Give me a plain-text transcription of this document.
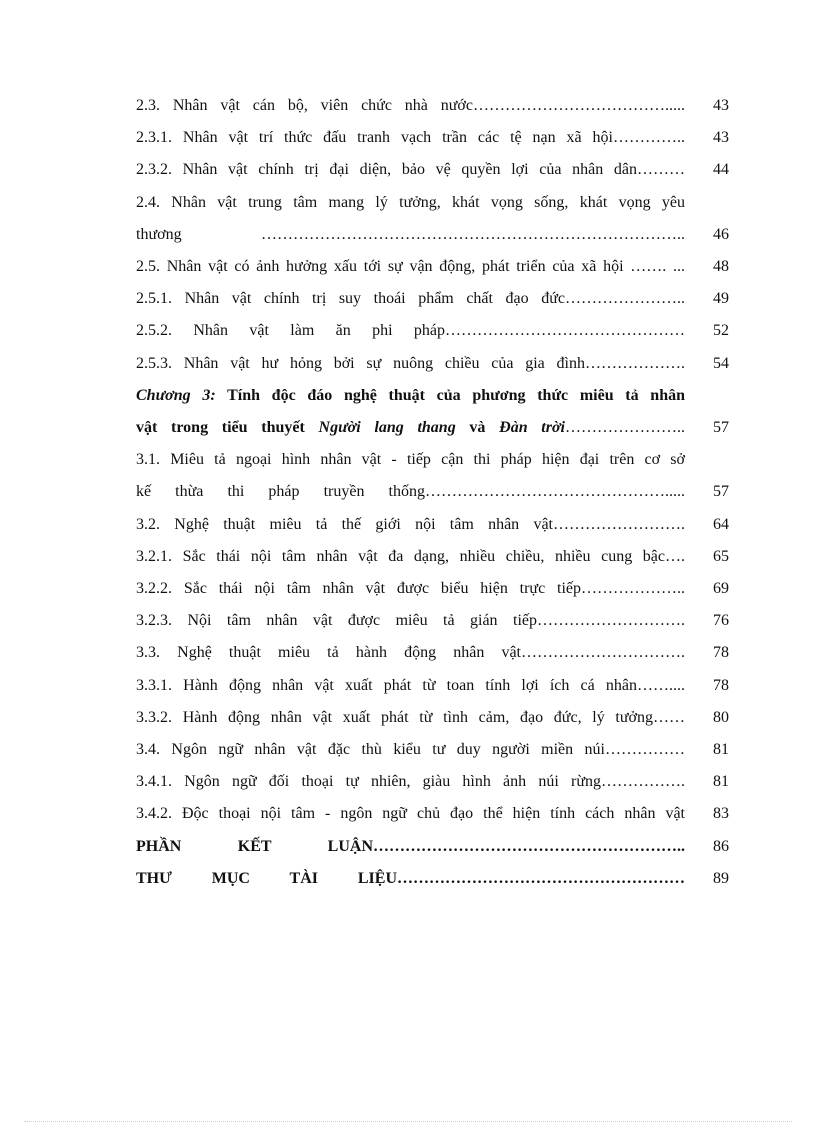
2.3. Nhân vật cán bộ, viên chức nhà nước……………………………….....	43
2.3.1. Nhân vật trí thức đấu tranh vạch trần các tệ nạn xã hội…………..	43
2.3.2. Nhân vật chính trị đại diện, bảo vệ quyền lợi của nhân dân………	44
2.4. Nhân vật trung tâm mang lý tưởng, khát vọng sống, khát vọng yêu
thương ……………………………………………………………………..	46
2.5. Nhân vật có ảnh hưởng xấu tới sự vận động, phát triển của xã hội ……. ...	48
2.5.1. Nhân vật chính trị suy thoái phẩm chất đạo đức…………………..	49
2.5.2. Nhân vật làm ăn phi pháp………………………………………	52
2.5.3. Nhân vật hư hỏng bởi sự nuông chiều của gia đình……………….	54
Chương 3: Tính độc đáo nghệ thuật của phương thức miêu tả nhân
vật trong tiểu thuyết Người lang thang và Đàn trời…………………..	57
3.1. Miêu tả ngoại hình nhân vật - tiếp cận thi pháp hiện đại trên cơ sở
kế thừa thi pháp truyền thống……………………………………….....	57
3.2. Nghệ thuật miêu tả thế giới nội tâm nhân vật…………………….	64
3.2.1. Sắc thái nội tâm nhân vật đa dạng, nhiều chiều, nhiều cung bậc….	65
3.2.2. Sắc thái nội tâm nhân vật được biểu hiện trực tiếp………………..	69
3.2.3. Nội tâm nhân vật được miêu tả gián tiếp……………………….	76
3.3. Nghệ thuật miêu tả hành động nhân vật………………………….	78
3.3.1. Hành động nhân vật xuất phát từ toan tính lợi ích cá nhân……....	78
3.3.2. Hành động nhân vật xuất phát từ tình cảm, đạo đức, lý tưởng……	80
3.4. Ngôn ngữ nhân vật đặc thù kiểu tư duy người miền núi……………	81
3.4.1. Ngôn ngữ đối thoại tự nhiên, giàu hình ảnh núi rừng…………….	81
3.4.2. Độc thoại nội tâm - ngôn ngữ chủ đạo thể hiện tính cách nhân vật	83
PHẦN KẾT LUẬN…………………………………………………..	86
THƯ MỤC TÀI LIỆU………………………………………………	89
